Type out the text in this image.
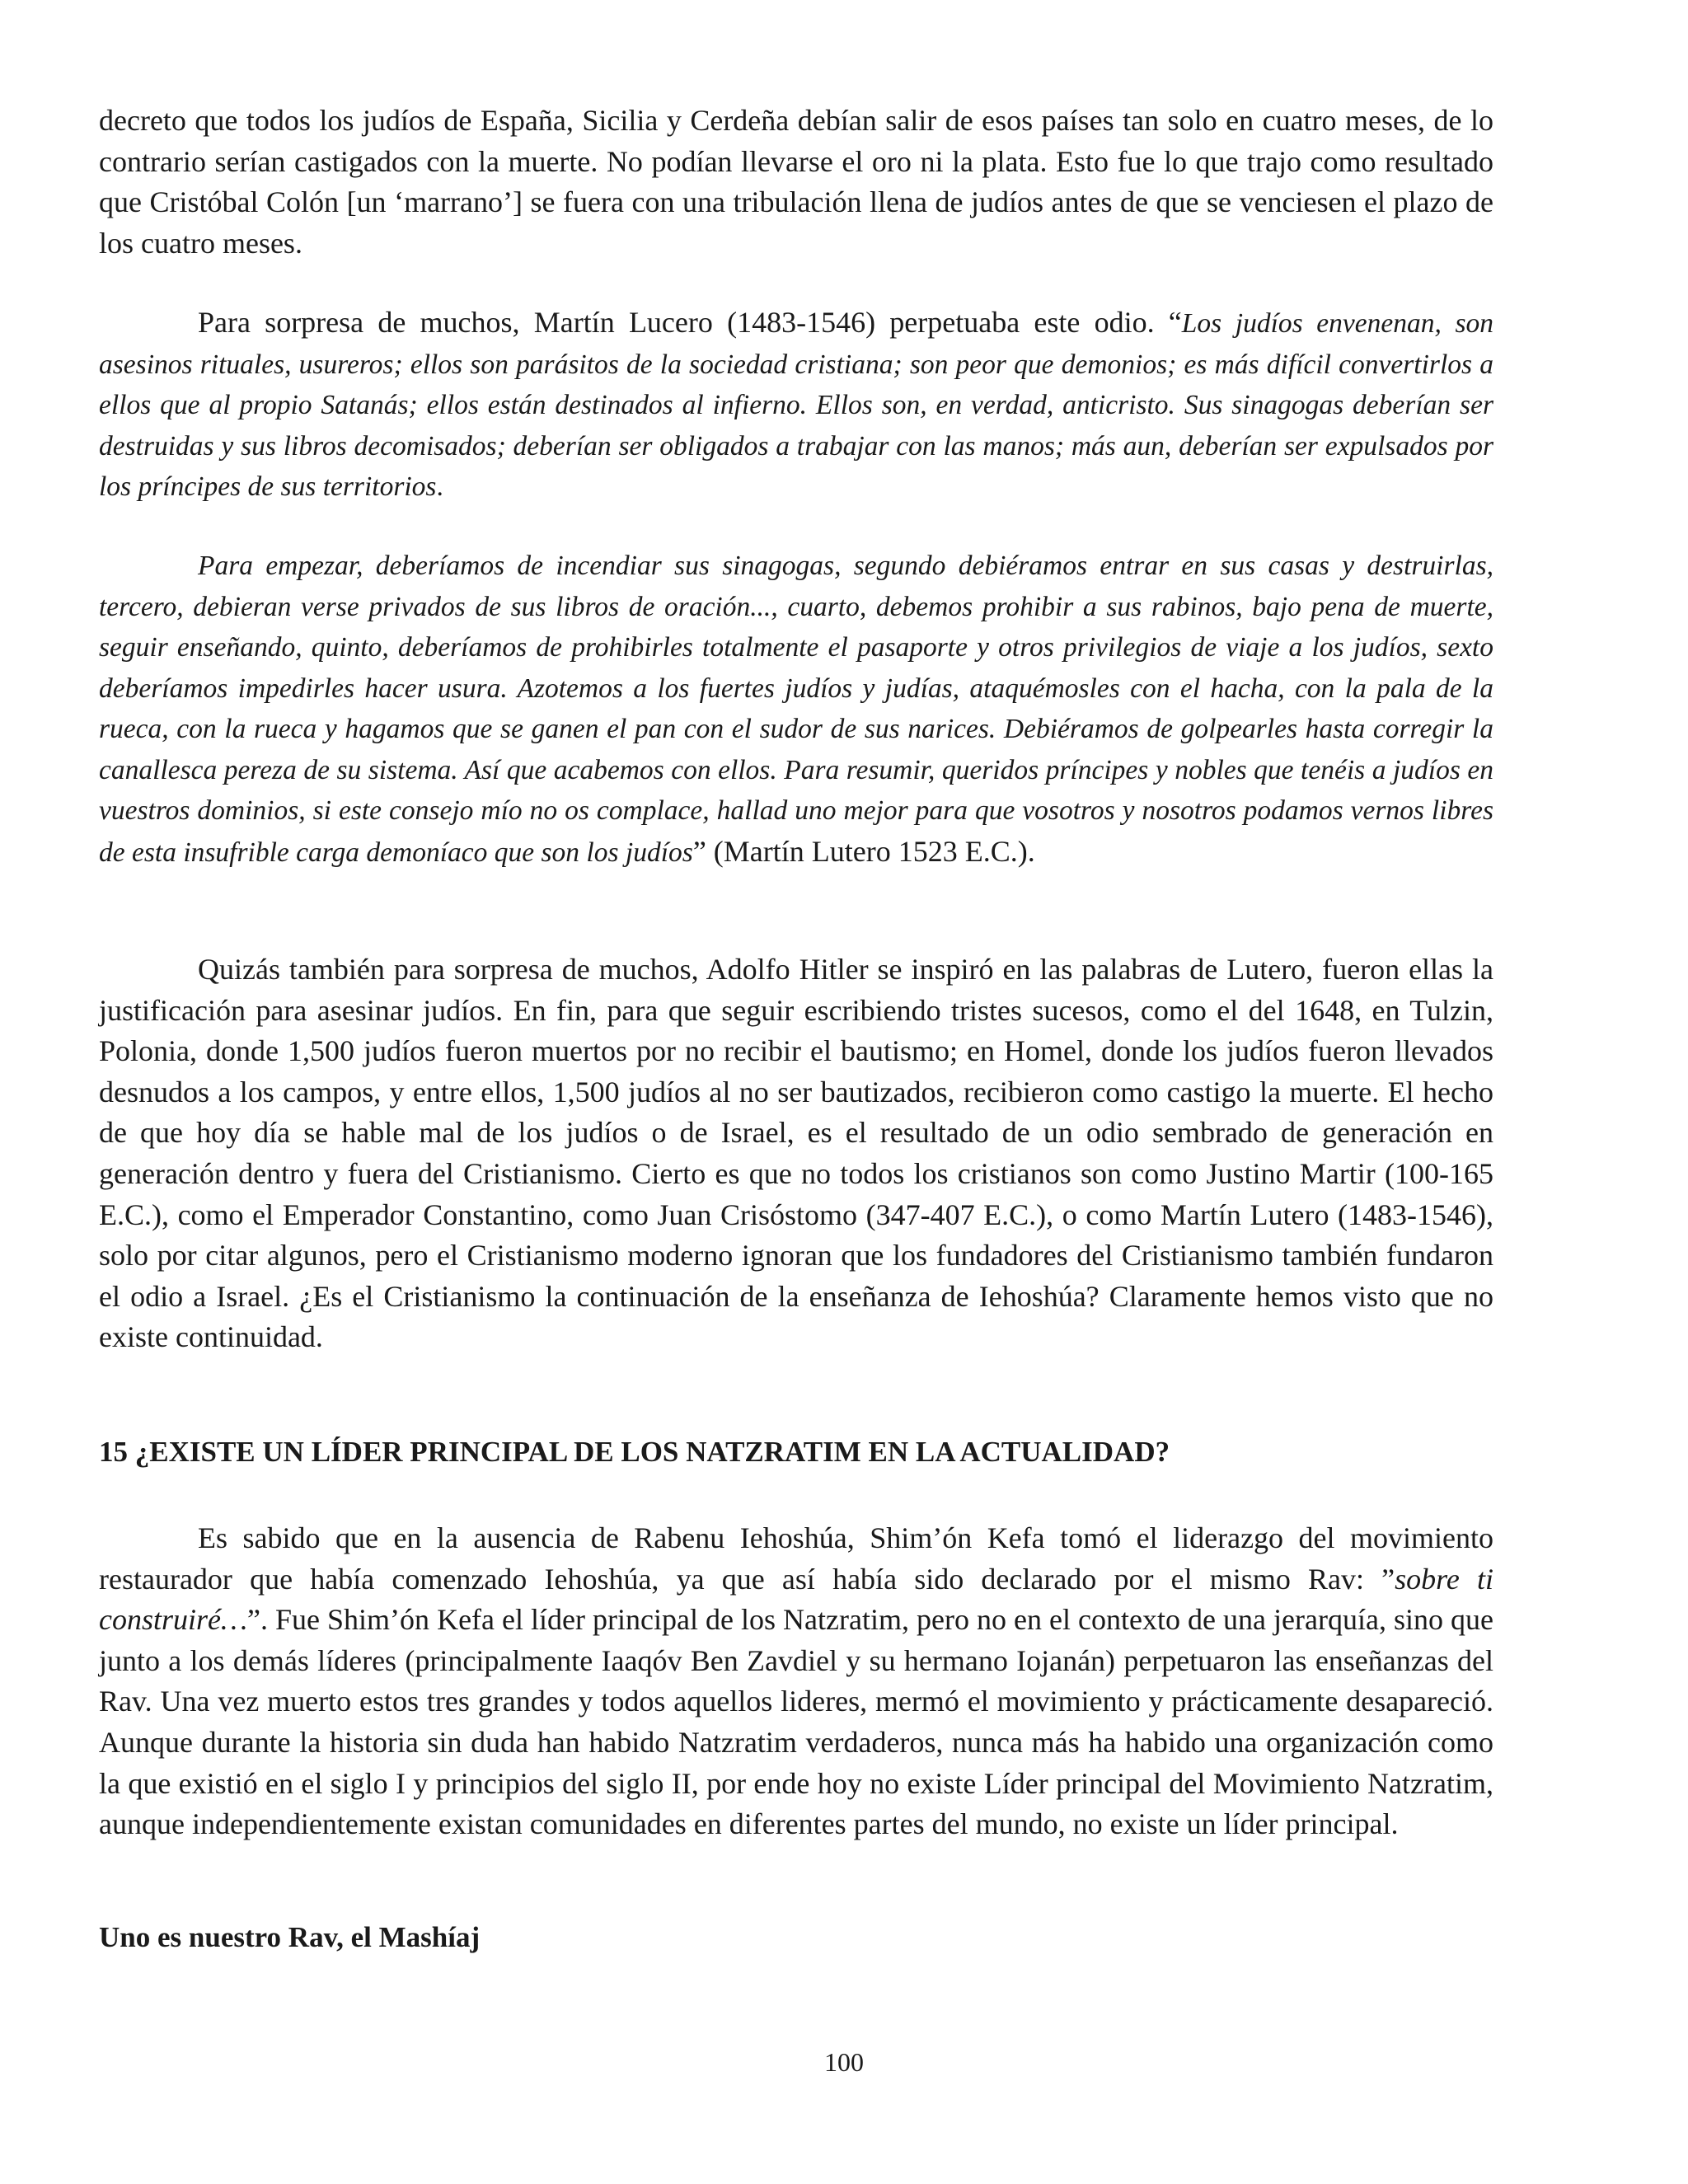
decreto que todos los judíos de España, Sicilia y Cerdeña debían salir de esos países tan solo en cuatro meses, de lo contrario serían castigados con la muerte. No podían llevarse el oro ni la plata. Esto fue lo que trajo como resultado que Cristóbal Colón [un ‘marrano’] se fuera con una tribulación llena de judíos antes de que se venciesen el plazo de los cuatro meses.

Para sorpresa de muchos, Martín Lucero (1483-1546) perpetuaba este odio. “Los judíos envenenan, son asesinos rituales, usureros; ellos son parásitos de la sociedad cristiana; son peor que demonios; es más difícil convertirlos a ellos que al propio Satanás; ellos están destinados al infierno. Ellos son, en verdad, anticristo. Sus sinagogas deberían ser destruidas y sus libros decomisados; deberían ser obligados a trabajar con las manos; más aun, deberían ser expulsados por los príncipes de sus territorios.

Para empezar, deberíamos de incendiar sus sinagogas, segundo debiéramos entrar en sus casas y destruirlas, tercero, debieran verse privados de sus libros de oración..., cuarto, debemos prohibir a sus rabinos, bajo pena de muerte, seguir enseñando, quinto, deberíamos de prohibirles totalmente el pasaporte y otros privilegios de viaje a los judíos, sexto deberíamos impedirles hacer usura. Azotemos a los fuertes judíos y judías, ataquémosles con el hacha, con la pala de la rueca, con la rueca y hagamos que se ganen el pan con el sudor de sus narices. Debiéramos de golpearles hasta corregir la canallesca pereza de su sistema. Así que acabemos con ellos. Para resumir, queridos príncipes y nobles que tenéis a judíos en vuestros dominios, si este consejo mío no os complace, hallad uno mejor para que vosotros y nosotros podamos vernos libres de esta insufrible carga demoníaco que son los judíos” (Martín Lutero 1523 E.C.).

Quizás también para sorpresa de muchos, Adolfo Hitler se inspiró en las palabras de Lutero, fueron ellas la justificación para asesinar judíos. En fin, para que seguir escribiendo tristes sucesos, como el del 1648, en Tulzin, Polonia, donde 1,500 judíos fueron muertos por no recibir el bautismo; en Homel, donde los judíos fueron llevados desnudos a los campos, y entre ellos, 1,500 judíos al no ser bautizados, recibieron como castigo la muerte. El hecho de que hoy día se hable mal de los judíos o de Israel, es el resultado de un odio sembrado de generación en generación dentro y fuera del Cristianismo. Cierto es que no todos los cristianos son como Justino Martir (100-165 E.C.), como el Emperador Constantino, como Juan Crisóstomo (347-407 E.C.), o como Martín Lutero (1483-1546), solo por citar algunos, pero el Cristianismo moderno ignoran que los fundadores del Cristianismo también fundaron el odio a Israel. ¿Es el Cristianismo la continuación de la enseñanza de Iehoshúa? Claramente hemos visto que no existe continuidad.

15 ¿EXISTE UN LÍDER PRINCIPAL DE LOS NATZRATIM EN LA ACTUALIDAD?

Es sabido que en la ausencia de Rabenu Iehoshúa, Shim’ón Kefa tomó el liderazgo del movimiento restaurador que había comenzado Iehoshúa, ya que así había sido declarado por el mismo Rav: ”sobre ti construiré…”. Fue Shim’ón Kefa el líder principal de los Natzratim, pero no en el contexto de una jerarquía, sino que junto a los demás líderes (principalmente Iaaqóv Ben Zavdiel y su hermano Iojanán) perpetuaron las enseñanzas del Rav. Una vez muerto estos tres grandes y todos aquellos lideres, mermó el movimiento y prácticamente desapareció. Aunque durante la historia sin duda han habido Natzratim verdaderos, nunca más ha habido una organización como la que existió en el siglo I y principios del siglo II, por ende hoy no existe Líder principal del Movimiento Natzratim, aunque independientemente existan comunidades en diferentes partes del mundo, no existe un líder principal.

Uno es nuestro Rav, el Mashíaj
100
